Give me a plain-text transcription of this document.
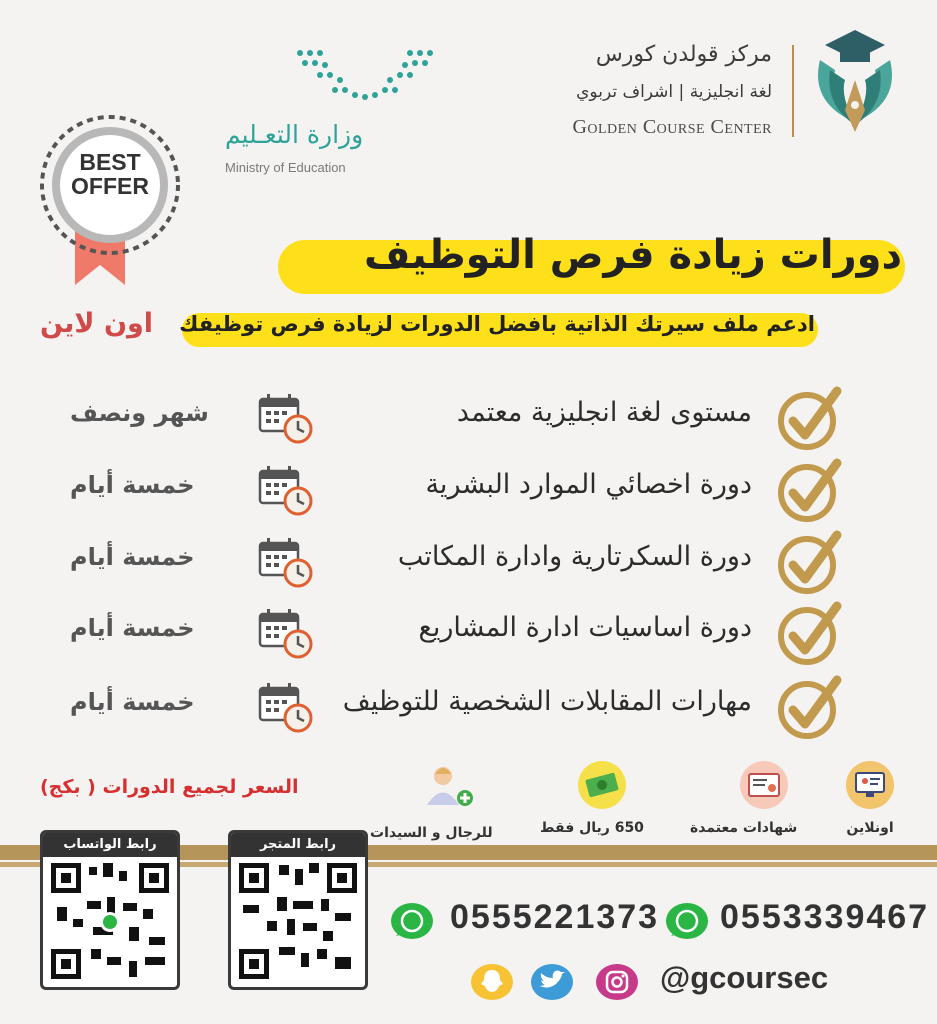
مركز قولدن كورس
لغة انجليزية | اشراف تربوي
Golden Course Center
وزارة التعـليم
Ministry of Education
BEST
OFFER
دورات زيادة فرص التوظيف
ادعم ملف سيرتك الذاتية بافضل الدورات لزيادة فرص توظيفك
اون لاين
مستوى لغة انجليزية معتمد
شهر ونصف
دورة اخصائي الموارد البشرية
خمسة أيام
دورة السكرتارية وادارة المكاتب
خمسة أيام
دورة اساسيات ادارة المشاريع
خمسة أيام
مهارات المقابلات الشخصية للتوظيف
خمسة أيام
اونلاين
شهادات معتمدة
650 ريال فقط
للرجال و السيدات
السعر لجميع الدورات ( بكج)
رابط الواتساب	رابط المتجر
0553339467
0555221373
@gcoursec
